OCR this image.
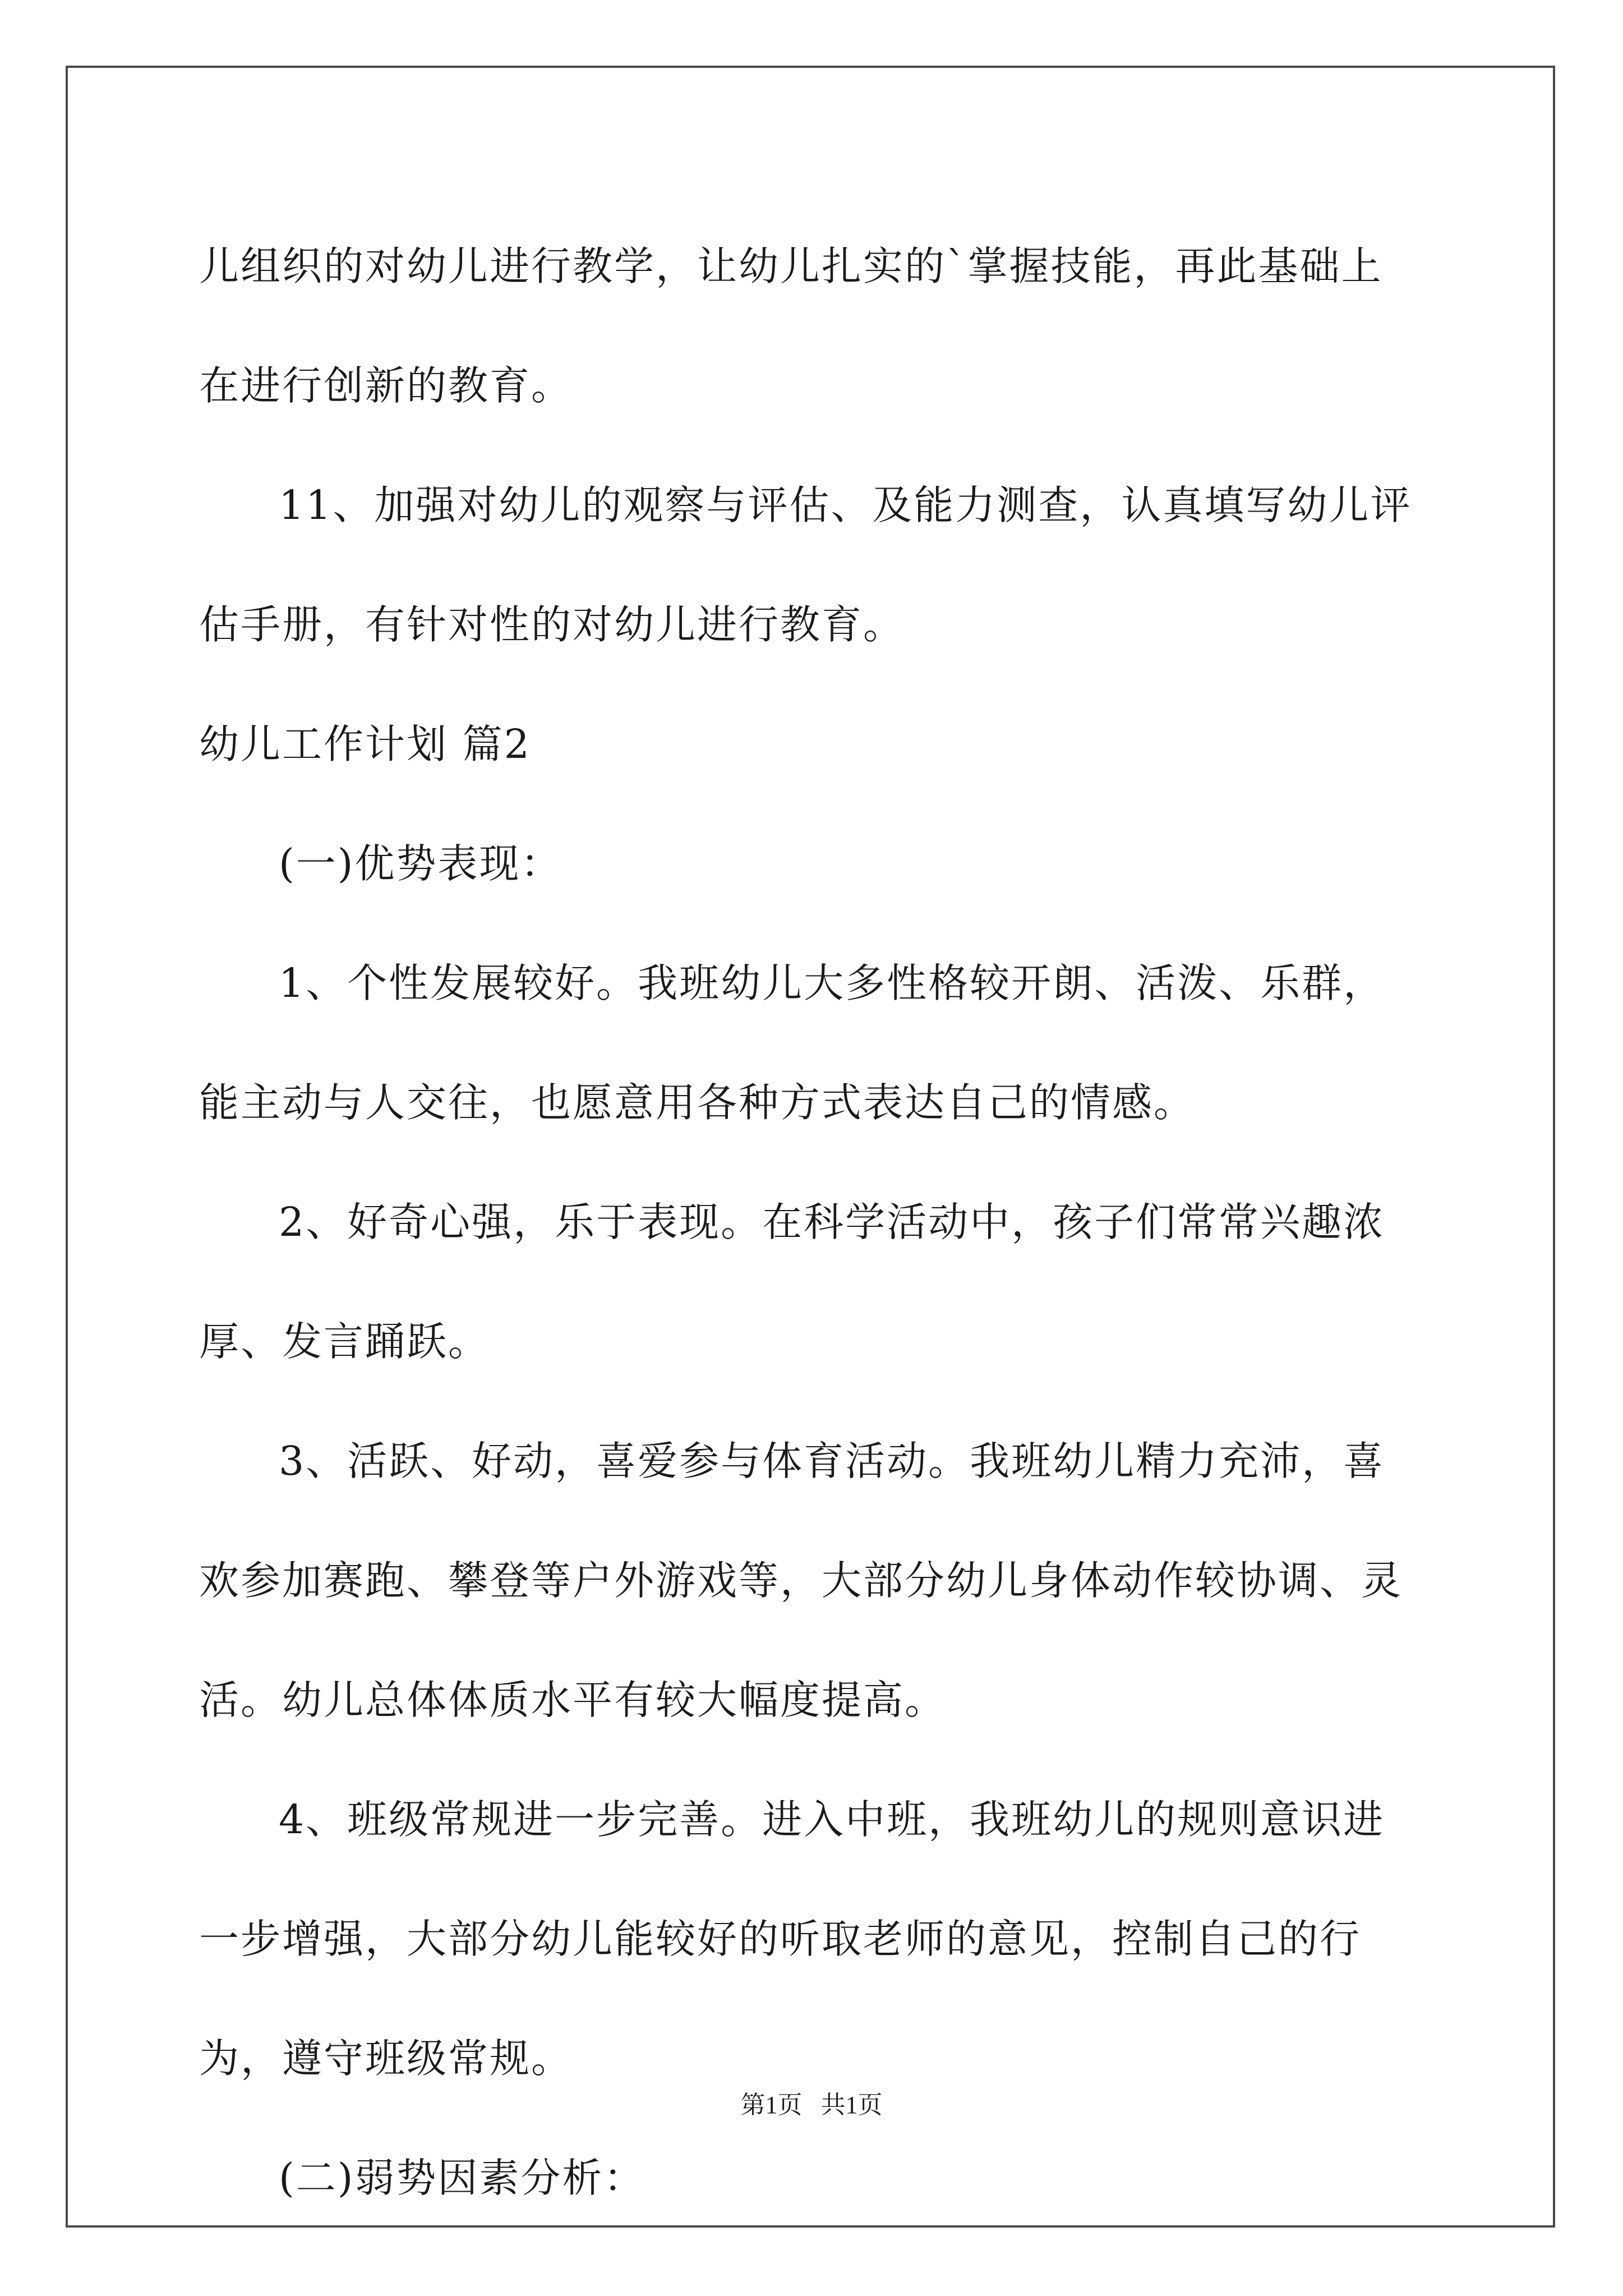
儿组织的对幼儿进行教学，让幼儿扎实的`掌握技能，再此基础上在进行创新的教育。

11、加强对幼儿的观察与评估、及能力测查，认真填写幼儿评估手册，有针对性的对幼儿进行教育。

幼儿工作计划 篇2

(一)优势表现：

1、个性发展较好。我班幼儿大多性格较开朗、活泼、乐群，能主动与人交往，也愿意用各种方式表达自己的情感。

2、好奇心强，乐于表现。在科学活动中，孩子们常常兴趣浓厚、发言踊跃。

3、活跃、好动，喜爱参与体育活动。我班幼儿精力充沛，喜欢参加赛跑、攀登等户外游戏等，大部分幼儿身体动作较协调、灵活。幼儿总体体质水平有较大幅度提高。

4、班级常规进一步完善。进入中班，我班幼儿的规则意识进一步增强，大部分幼儿能较好的听取老师的意见，控制自己的行为，遵守班级常规。

(二)弱势因素分析：

第1页   共1页
